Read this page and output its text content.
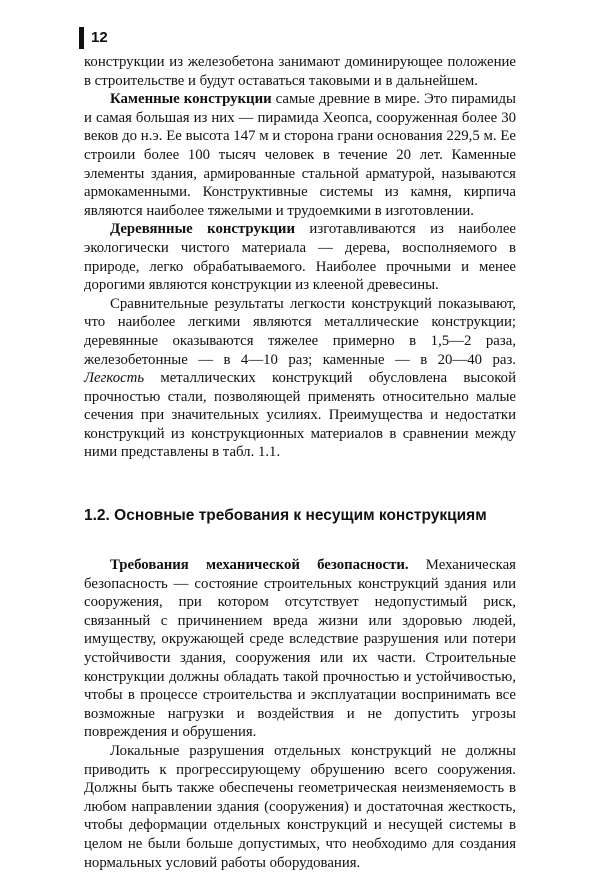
12

конструкции из железобетона занимают доминирующее положение в строительстве и будут оставаться таковыми и в дальнейшем.

Каменные конструкции самые древние в мире. Это пирамиды и самая большая из них — пирамида Хеопса, сооруженная более 30 веков до н.э. Ее высота 147 м и сторона грани основания 229,5 м. Ее строили более 100 тысяч человек в течение 20 лет. Каменные элементы здания, армированные стальной арматурой, называются армокаменными. Конструктивные системы из камня, кирпича являются наиболее тяжелыми и трудоемкими в изготовлении.

Деревянные конструкции изготавливаются из наиболее экологически чистого материала — дерева, восполняемого в природе, легко обрабатываемого. Наиболее прочными и менее дорогими являются конструкции из клееной древесины.

Сравнительные результаты легкости конструкций показывают, что наиболее легкими являются металлические конструкции; деревянные оказываются тяжелее примерно в 1,5—2 раза, железобетонные — в 4—10 раз; каменные — в 20—40 раз. Легкость металлических конструкций обусловлена высокой прочностью стали, позволяющей применять относительно малые сечения при значительных усилиях. Преимущества и недостатки конструкций из конструкционных материалов в сравнении между ними представлены в табл. 1.1.

1.2. Основные требования к несущим конструкциям

Требования механической безопасности. Механическая безопасность — состояние строительных конструкций здания или сооружения, при котором отсутствует недопустимый риск, связанный с причинением вреда жизни или здоровью людей, имуществу, окружающей среде вследствие разрушения или потери устойчивости здания, сооружения или их части. Строительные конструкции должны обладать такой прочностью и устойчивостью, чтобы в процессе строительства и эксплуатации воспринимать все возможные нагрузки и воздействия и не допустить угрозы повреждения и обрушения.

Локальные разрушения отдельных конструкций не должны приводить к прогрессирующему обрушению всего сооружения. Должны быть также обеспечены геометрическая неизменяемость в любом направлении здания (сооружения) и достаточная жесткость, чтобы деформации отдельных конструкций и несущей системы в целом не были больше допустимых, что необходимо для создания нормальных условий работы оборудования.
